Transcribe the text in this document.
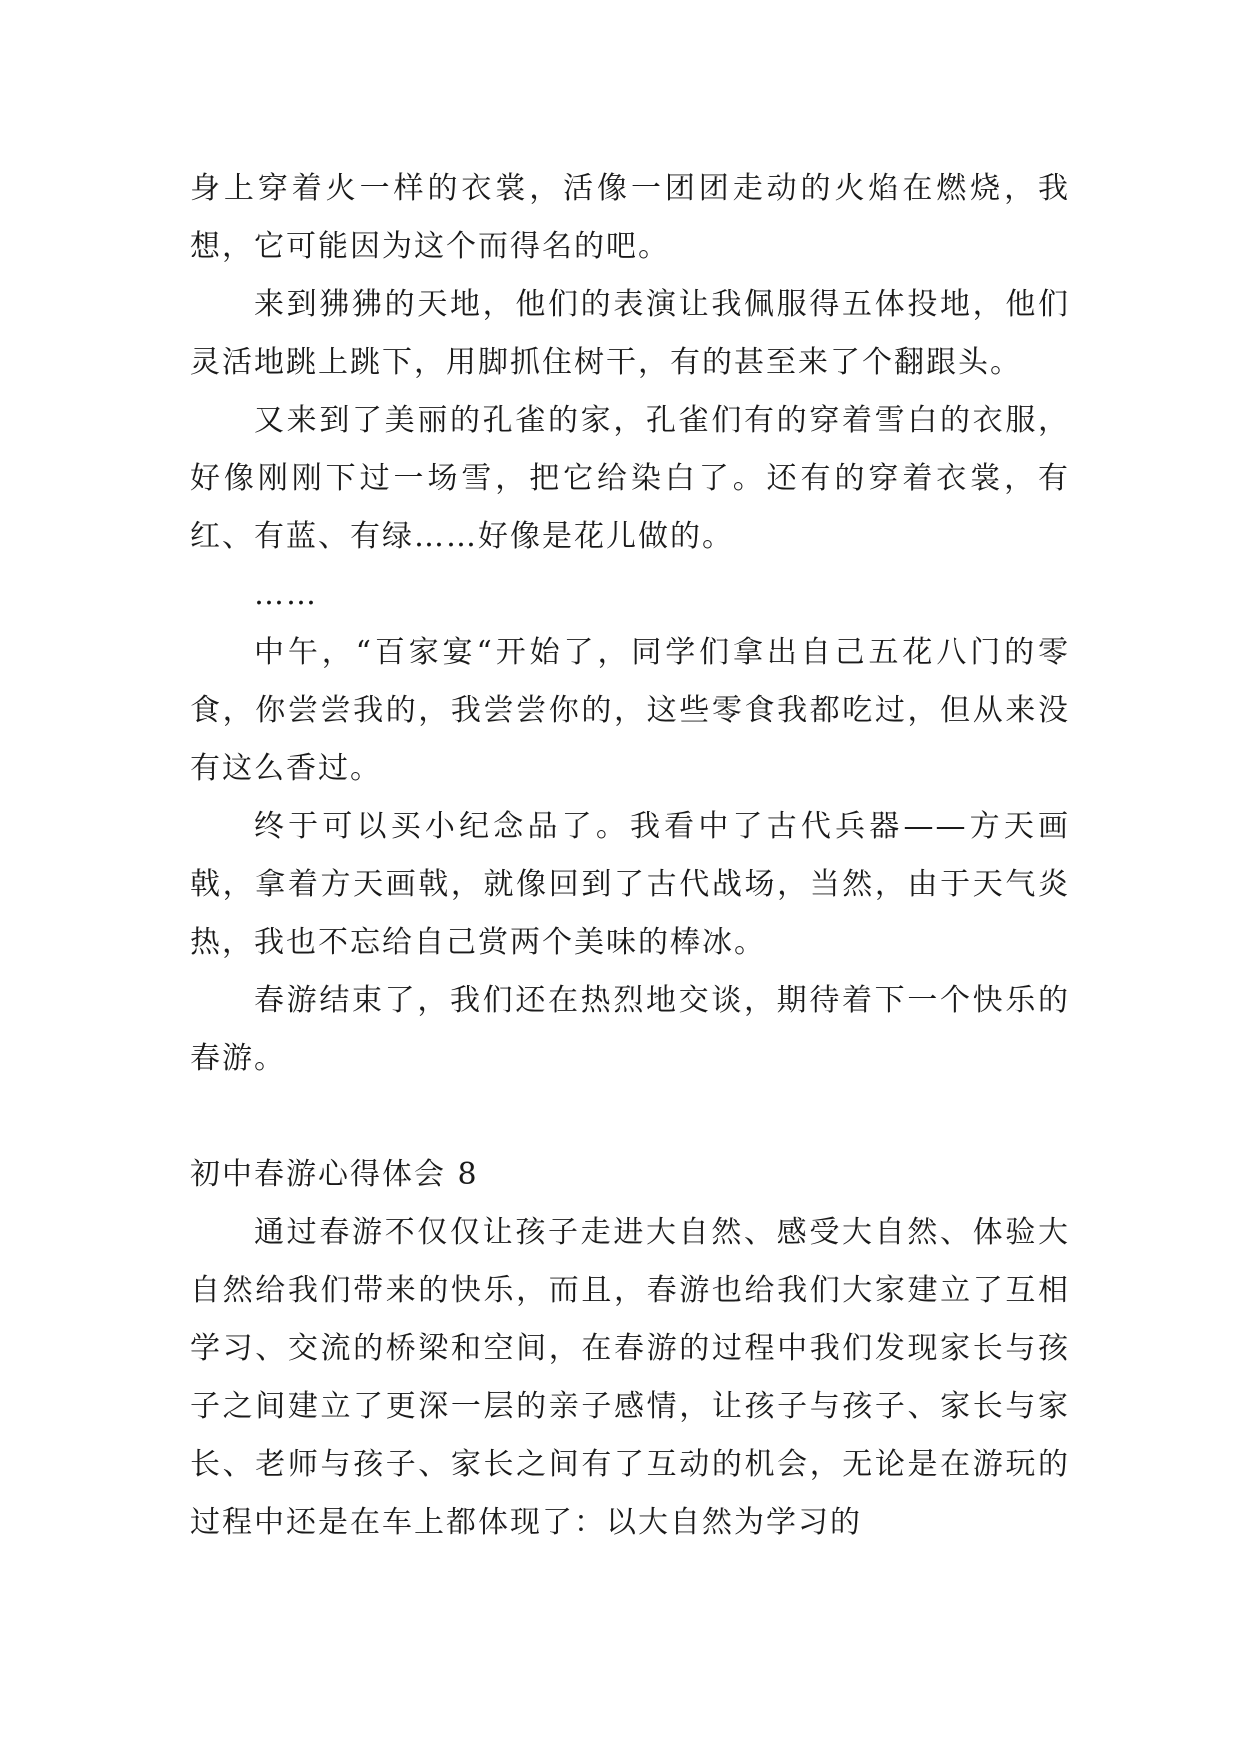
身上穿着火一样的衣裳，活像一团团走动的火焰在燃烧，我想，它可能因为这个而得名的吧。

来到狒狒的天地，他们的表演让我佩服得五体投地，他们灵活地跳上跳下，用脚抓住树干，有的甚至来了个翻跟头。

又来到了美丽的孔雀的家，孔雀们有的穿着雪白的衣服，好像刚刚下过一场雪，把它给染白了。还有的穿着衣裳，有红、有蓝、有绿……好像是花儿做的。

……

中午，“百家宴“开始了，同学们拿出自己五花八门的零食，你尝尝我的，我尝尝你的，这些零食我都吃过，但从来没有这么香过。

终于可以买小纪念品了。我看中了古代兵器——方天画戟，拿着方天画戟，就像回到了古代战场，当然，由于天气炎热，我也不忘给自己赏两个美味的棒冰。

春游结束了，我们还在热烈地交谈，期待着下一个快乐的春游。

初中春游心得体会 8

通过春游不仅仅让孩子走进大自然、感受大自然、体验大自然给我们带来的快乐，而且，春游也给我们大家建立了互相学习、交流的桥梁和空间，在春游的过程中我们发现家长与孩子之间建立了更深一层的亲子感情，让孩子与孩子、家长与家长、老师与孩子、家长之间有了互动的机会，无论是在游玩的过程中还是在车上都体现了：以大自然为学习的
